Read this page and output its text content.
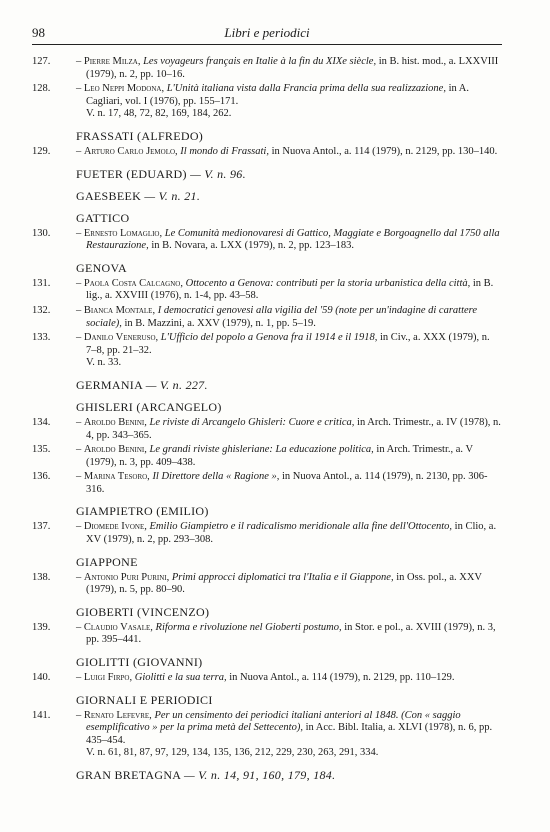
98	Libri e periodici
127.	– Pierre Milza, Les voyageurs français en Italie à la fin du XIXe siècle, in B. hist. mod., a. LXXVIII (1979), n. 2, pp. 10–16.
128.	– Leo Neppi Modona, L'Unità italiana vista dalla Francia prima della sua realizzazione, in A. Cagliari, vol. I (1976), pp. 155–171.
V. n. 17, 48, 72, 82, 169, 184, 262.
FRASSATI (ALFREDO)
129.	– Arturo Carlo Jemolo, Il mondo di Frassati, in Nuova Antol., a. 114 (1979), n. 2129, pp. 130–140.
FUETER (EDUARD) — V. n. 96.
GAESBEEK — V. n. 21.
GATTICO
130.	– Ernesto Lomaglio, Le Comunità medionovaresi di Gattico, Maggiate e Borgoagnello dal 1750 alla Restaurazione, in B. Novara, a. LXX (1979), n. 2, pp. 123–183.
GENOVA
131.	– Paola Costa Calcagno, Ottocento a Genova: contributi per la storia urbanistica della città, in B. lig., a. XXVIII (1976), n. 1-4, pp. 43–58.
132.	– Bianca Montale, I democratici genovesi alla vigilia del '59 (note per un'indagine di carattere sociale), in B. Mazzini, a. XXV (1979), n. 1, pp. 5–19.
133.	– Danilo Veneruso, L'Ufficio del popolo a Genova fra il 1914 e il 1918, in Civ., a. XXX (1979), n. 7–8, pp. 21–32.
V. n. 33.
GERMANIA — V. n. 227.
GHISLERI (ARCANGELO)
134.	– Aroldo Benini, Le riviste di Arcangelo Ghisleri: Cuore e critica, in Arch. Trimestr., a. IV (1978), n. 4, pp. 343–365.
135.	– Aroldo Benini, Le grandi riviste ghisleriane: La educazione politica, in Arch. Trimestr., a. V (1979), n. 3, pp. 409–438.
136.	– Marina Tesoro, Il Direttore della « Ragione », in Nuova Antol., a. 114 (1979), n. 2130, pp. 306-316.
GIAMPIETRO (EMILIO)
137.	– Diomede Ivone, Emilio Giampietro e il radicalismo meridionale alla fine dell'Ottocento, in Clio, a. XV (1979), n. 2, pp. 293–308.
GIAPPONE
138.	– Antonio Puri Purini, Primi approcci diplomatici tra l'Italia e il Giappone, in Oss. pol., a. XXV (1979), n. 5, pp. 80–90.
GIOBERTI (VINCENZO)
139.	– Claudio Vasale, Riforma e rivoluzione nel Gioberti postumo, in Stor. e pol., a. XVIII (1979), n. 3, pp. 395–441.
GIOLITTI (GIOVANNI)
140.	– Luigi Firpo, Giolitti e la sua terra, in Nuova Antol., a. 114 (1979), n. 2129, pp. 110–129.
GIORNALI E PERIODICI
141.	– Renato Lefevre, Per un censimento dei periodici italiani anteriori al 1848. (Con « saggio esemplificativo » per la prima metà del Settecento), in Acc. Bibl. Italia, a. XLVI (1978), n. 6, pp. 435–454.
V. n. 61, 81, 87, 97, 129, 134, 135, 136, 212, 229, 230, 263, 291, 334.
GRAN BRETAGNA — V. n. 14, 91, 160, 179, 184.
